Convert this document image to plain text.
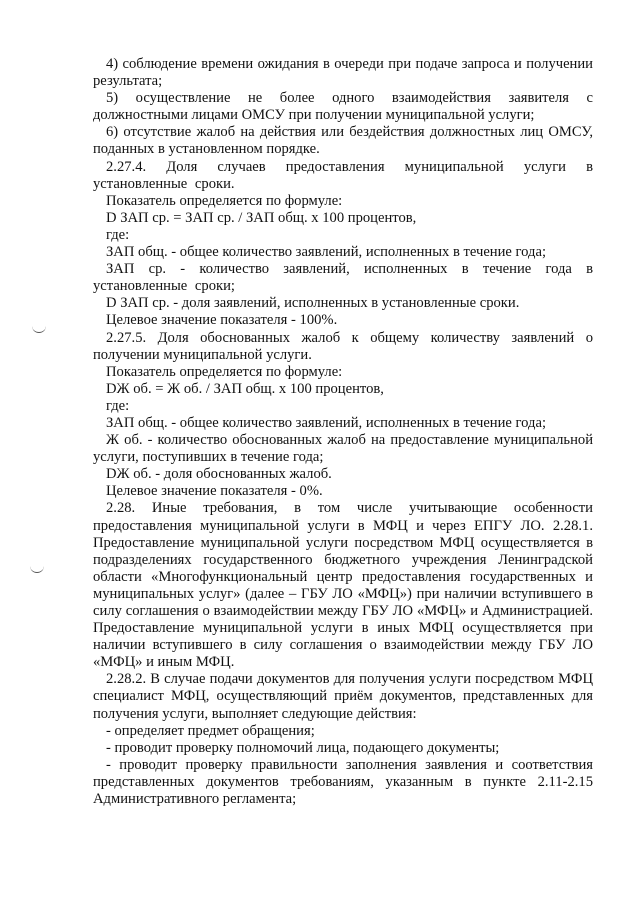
4) соблюдение времени ожидания в очереди при подаче запроса и получении результата;

5) осуществление не более одного взаимодействия заявителя с должностными лицами ОМСУ при получении муниципальной услуги;

6) отсутствие жалоб на действия или бездействия должностных лиц ОМСУ, поданных в установленном порядке.

2.27.4. Доля случаев предоставления муниципальной услуги в установленные сроки.

Показатель определяется по формуле:

D ЗАП ср. = ЗАП ср. / ЗАП общ. х 100 процентов,

где:

ЗАП общ. - общее количество заявлений, исполненных в течение года;

ЗАП ср. - количество заявлений, исполненных в течение года в установленные сроки;

D ЗАП ср. - доля заявлений, исполненных в установленные сроки.

Целевое значение показателя - 100%.

2.27.5. Доля обоснованных жалоб к общему количеству заявлений о получении муниципальной услуги.

Показатель определяется по формуле:

DЖ об. = Ж об. / ЗАП общ. х 100 процентов,

где:

ЗАП общ. - общее количество заявлений, исполненных в течение года;

Ж об. - количество обоснованных жалоб на предоставление муниципальной услуги, поступивших в течение года;

DЖ об. - доля обоснованных жалоб.

Целевое значение показателя - 0%.

2.28. Иные требования, в том числе учитывающие особенности предоставления муниципальной услуги в МФЦ и через ЕПГУ ЛО. 2.28.1. Предоставление муниципальной услуги посредством МФЦ осуществляется в подразделениях государственного бюджетного учреждения Ленинградской области «Многофункциональный центр предоставления государственных и муниципальных услуг» (далее – ГБУ ЛО «МФЦ») при наличии вступившего в силу соглашения о взаимодействии между ГБУ ЛО «МФЦ» и Администрацией. Предоставление муниципальной услуги в иных МФЦ осуществляется при наличии вступившего в силу соглашения о взаимодействии между ГБУ ЛО «МФЦ» и иным МФЦ.

2.28.2. В случае подачи документов для получения услуги посредством МФЦ специалист МФЦ, осуществляющий приём документов, представленных для получения услуги, выполняет следующие действия:

- определяет предмет обращения;

- проводит проверку полномочий лица, подающего документы;

- проводит проверку правильности заполнения заявления и соответствия представленных документов требованиям, указанным в пункте 2.11-2.15 Административного регламента;
